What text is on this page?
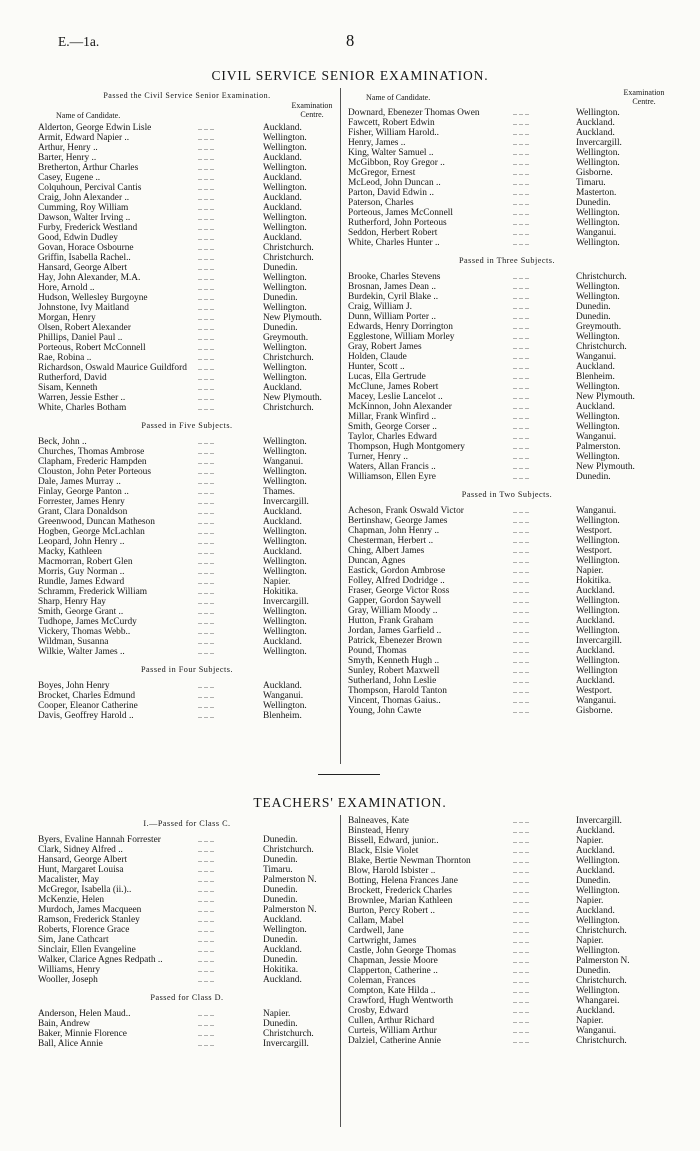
E.—1a.	8
CIVIL SERVICE SENIOR EXAMINATION.
Passed the Civil Service Senior Examination.
Name of Candidate.
Examination Centre.
Alderton, George Edwin Lisle	.. .. ..	Auckland.
Armit, Edward Napier ..	.. .. ..	Wellington.
Arthur, Henry ..	.. .. ..	Wellington.
Barter, Henry ..	.. .. ..	Auckland.
Bretherton, Arthur Charles	.. .. ..	Wellington.
Casey, Eugene ..	.. .. ..	Auckland.
Colquhoun, Percival Cantis	.. .. ..	Wellington.
Craig, John Alexander ..	.. .. ..	Auckland.
Cumming, Roy William	.. .. ..	Auckland.
Dawson, Walter Irving ..	.. .. ..	Wellington.
Furby, Frederick Westland	.. .. ..	Wellington.
Good, Edwin Dudley	.. .. ..	Auckland.
Govan, Horace Osbourne	.. .. ..	Christchurch.
Griffin, Isabella Rachel..	.. .. ..	Christchurch.
Hansard, George Albert	.. .. ..	Dunedin.
Hay, John Alexander, M.A.	.. .. ..	Wellington.
Hore, Arnold ..	.. .. ..	Wellington.
Hudson, Wellesley Burgoyne	.. .. ..	Dunedin.
Johnstone, Ivy Maitland	.. .. ..	Wellington.
Morgan, Henry	.. .. ..	New Plymouth.
Olsen, Robert Alexander	.. .. ..	Dunedin.
Phillips, Daniel Paul ..	.. .. ..	Greymouth.
Porteous, Robert McConnell	.. .. ..	Wellington.
Rae, Robina ..	.. .. ..	Christchurch.
Richardson, Oswald Maurice Guildford .. .. ..	Wellington.
Rutherford, David	.. .. ..	Wellington.
Sisam, Kenneth	.. .. ..	Auckland.
Warren, Jessie Esther ..	.. .. ..	New Plymouth.
White, Charles Botham	.. .. ..	Christchurch.
Passed in Five Subjects.
Beck, John ..	.. .. ..	Wellington.
Churches, Thomas Ambrose	.. .. ..	Wellington.
Clapham, Frederic Hampden	.. .. ..	Wanganui.
Clouston, John Peter Porteous	.. .. ..	Wellington.
Dale, James Murray ..	.. .. ..	Wellington.
Finlay, George Panton ..	.. .. ..	Thames.
Forrester, James Henry	.. .. ..	Invercargill.
Grant, Clara Donaldson	.. .. ..	Auckland.
Greenwood, Duncan Matheson	.. .. ..	Auckland.
Hogben, George McLachlan	.. .. ..	Wellington.
Leopard, John Henry ..	.. .. ..	Wellington.
Macky, Kathleen	.. .. ..	Auckland.
Macmorran, Robert Glen	.. .. ..	Wellington.
Morris, Guy Norman ..	.. .. ..	Wellington.
Rundle, James Edward	.. .. ..	Napier.
Schramm, Frederick William	.. .. ..	Hokitika.
Sharp, Henry Hay	.. .. ..	Invercargill.
Smith, George Grant ..	.. .. ..	Wellington.
Tudhope, James McCurdy	.. .. ..	Wellington.
Vickery, Thomas Webb..	.. .. ..	Wellington.
Wildman, Susanna	.. .. ..	Auckland.
Wilkie, Walter James ..	.. .. ..	Wellington.
Passed in Four Subjects.
Boyes, John Henry	.. .. ..	Auckland.
Brocket, Charles Edmund	.. .. ..	Wanganui.
Cooper, Eleanor Catherine	.. .. ..	Wellington.
Davis, Geoffrey Harold ..	.. .. ..	Blenheim.
Name of Candidate.
Examination Centre.
Downard, Ebenezer Thomas Owen	.. .. ..	Wellington.
Fawcett, Robert Edwin	.. .. ..	Auckland.
Fisher, William Harold..	.. .. ..	Auckland.
Henry, James ..	.. .. ..	Invercargill.
King, Walter Samuel ..	.. .. ..	Wellington.
McGibbon, Roy Gregor ..	.. .. ..	Wellington.
McGregor, Ernest	.. .. ..	Gisborne.
McLeod, John Duncan ..	.. .. ..	Timaru.
Parton, David Edwin ..	.. .. ..	Masterton.
Paterson, Charles	.. .. ..	Dunedin.
Porteous, James McConnell	.. .. ..	Wellington.
Rutherford, John Porteous	.. .. ..	Wellington.
Seddon, Herbert Robert	.. .. ..	Wanganui.
White, Charles Hunter ..	.. .. ..	Wellington.
Passed in Three Subjects.
Brooke, Charles Stevens	.. .. ..	Christchurch.
Brosnan, James Dean ..	.. .. ..	Wellington.
Burdekin, Cyril Blake ..	.. .. ..	Wellington.
Craig, William J.	.. .. ..	Dunedin.
Dunn, William Porter ..	.. .. ..	Dunedin.
Edwards, Henry Dorrington	.. .. ..	Greymouth.
Egglestone, William Morley	.. .. ..	Wellington.
Gray, Robert James	.. .. ..	Christchurch.
Holden, Claude	.. .. ..	Wanganui.
Hunter, Scott ..	.. .. ..	Auckland.
Lucas, Ella Gertrude	.. .. ..	Blenheim.
McClune, James Robert	.. .. ..	Wellington.
Macey, Leslie Lancelot ..	.. .. ..	New Plymouth.
McKinnon, John Alexander	.. .. ..	Auckland.
Millar, Frank Winfird ..	.. .. ..	Wellington.
Smith, George Corser ..	.. .. ..	Wellington.
Taylor, Charles Edward	.. .. ..	Wanganui.
Thompson, Hugh Montgomery	.. .. ..	Palmerston.
Turner, Henry ..	.. .. ..	Wellington.
Waters, Allan Francis ..	.. .. ..	New Plymouth.
Williamson, Ellen Eyre	.. .. ..	Dunedin.
Passed in Two Subjects.
Acheson, Frank Oswald Victor	.. .. ..	Wanganui.
Bertinshaw, George James	.. .. ..	Wellington.
Chapman, John Henry ..	.. .. ..	Westport.
Chesterman, Herbert ..	.. .. ..	Wellington.
Ching, Albert James	.. .. ..	Westport.
Duncan, Agnes	.. .. ..	Wellington.
Eastick, Gordon Ambrose	.. .. ..	Napier.
Folley, Alfred Dodridge ..	.. .. ..	Hokitika.
Fraser, George Victor Ross	.. .. ..	Auckland.
Gapper, Gordon Saywell	.. .. ..	Wellington.
Gray, William Moody ..	.. .. ..	Wellington.
Hutton, Frank Graham	.. .. ..	Auckland.
Jordan, James Garfield ..	.. .. ..	Wellington.
Patrick, Ebenezer Brown	.. .. ..	Invercargill.
Pound, Thomas	.. .. ..	Auckland.
Smyth, Kenneth Hugh ..	.. .. ..	Wellington.
Sunley, Robert Maxwell	.. .. ..	Wellington
Sutherland, John Leslie	.. .. ..	Auckland.
Thompson, Harold Tanton	.. .. ..	Westport.
Vincent, Thomas Gaius..	.. .. ..	Wanganui.
Young, John Cawte	.. .. ..	Gisborne.
TEACHERS' EXAMINATION.
I.—Passed for Class C.
Byers, Evaline Hannah Forrester	.. .. ..	Dunedin.
Clark, Sidney Alfred ..	.. .. ..	Christchurch.
Hansard, George Albert	.. .. ..	Dunedin.
Hunt, Margaret Louisa	.. .. ..	Timaru.
Macalister, May	.. .. ..	Palmerston N.
McGregor, Isabella (ii.)..	.. .. ..	Dunedin.
McKenzie, Helen	.. .. ..	Dunedin.
Murdoch, James Macqueen	.. .. ..	Palmerston N.
Ramson, Frederick Stanley	.. .. ..	Auckland.
Roberts, Florence Grace	.. .. ..	Wellington.
Sim, Jane Cathcart	.. .. ..	Dunedin.
Sinclair, Ellen Evangeline	.. .. ..	Auckland.
Walker, Clarice Agnes Redpath ..	.. .. ..	Dunedin.
Williams, Henry	.. .. ..	Hokitika.
Wooller, Joseph	.. .. ..	Auckland.
Passed for Class D.
Anderson, Helen Maud..	.. .. ..	Napier.
Bain, Andrew	.. .. ..	Dunedin.
Baker, Minnie Florence	.. .. ..	Christchurch.
Ball, Alice Annie	.. .. ..	Invercargill.
Balneaves, Kate	.. .. ..	Invercargill.
Binstead, Henry	.. .. ..	Auckland.
Bissell, Edward, junior..	.. .. ..	Napier.
Black, Elsie Violet	.. .. ..	Auckland.
Blake, Bertie Newman Thornton	.. .. ..	Wellington.
Blow, Harold Isbister ..	.. .. ..	Auckland.
Botting, Helena Frances Jane	.. .. ..	Dunedin.
Brockett, Frederick Charles	.. .. ..	Wellington.
Brownlee, Marian Kathleen	.. .. ..	Napier.
Burton, Percy Robert ..	.. .. ..	Auckland.
Callam, Mabel	.. .. ..	Wellington.
Cardwell, Jane	.. .. ..	Christchurch.
Cartwright, James	.. .. ..	Napier.
Castle, John George Thomas	.. .. ..	Wellington.
Chapman, Jessie Moore	.. .. ..	Palmerston N.
Clapperton, Catherine ..	.. .. ..	Dunedin.
Coleman, Frances	.. .. ..	Christchurch.
Compton, Kate Hilda ..	.. .. ..	Wellington.
Crawford, Hugh Wentworth	.. .. ..	Whangarei.
Crosby, Edward	.. .. ..	Auckland.
Cullen, Arthur Richard	.. .. ..	Napier.
Curteis, William Arthur	.. .. ..	Wanganui.
Dalziel, Catherine Annie	.. .. ..	Christchurch.
